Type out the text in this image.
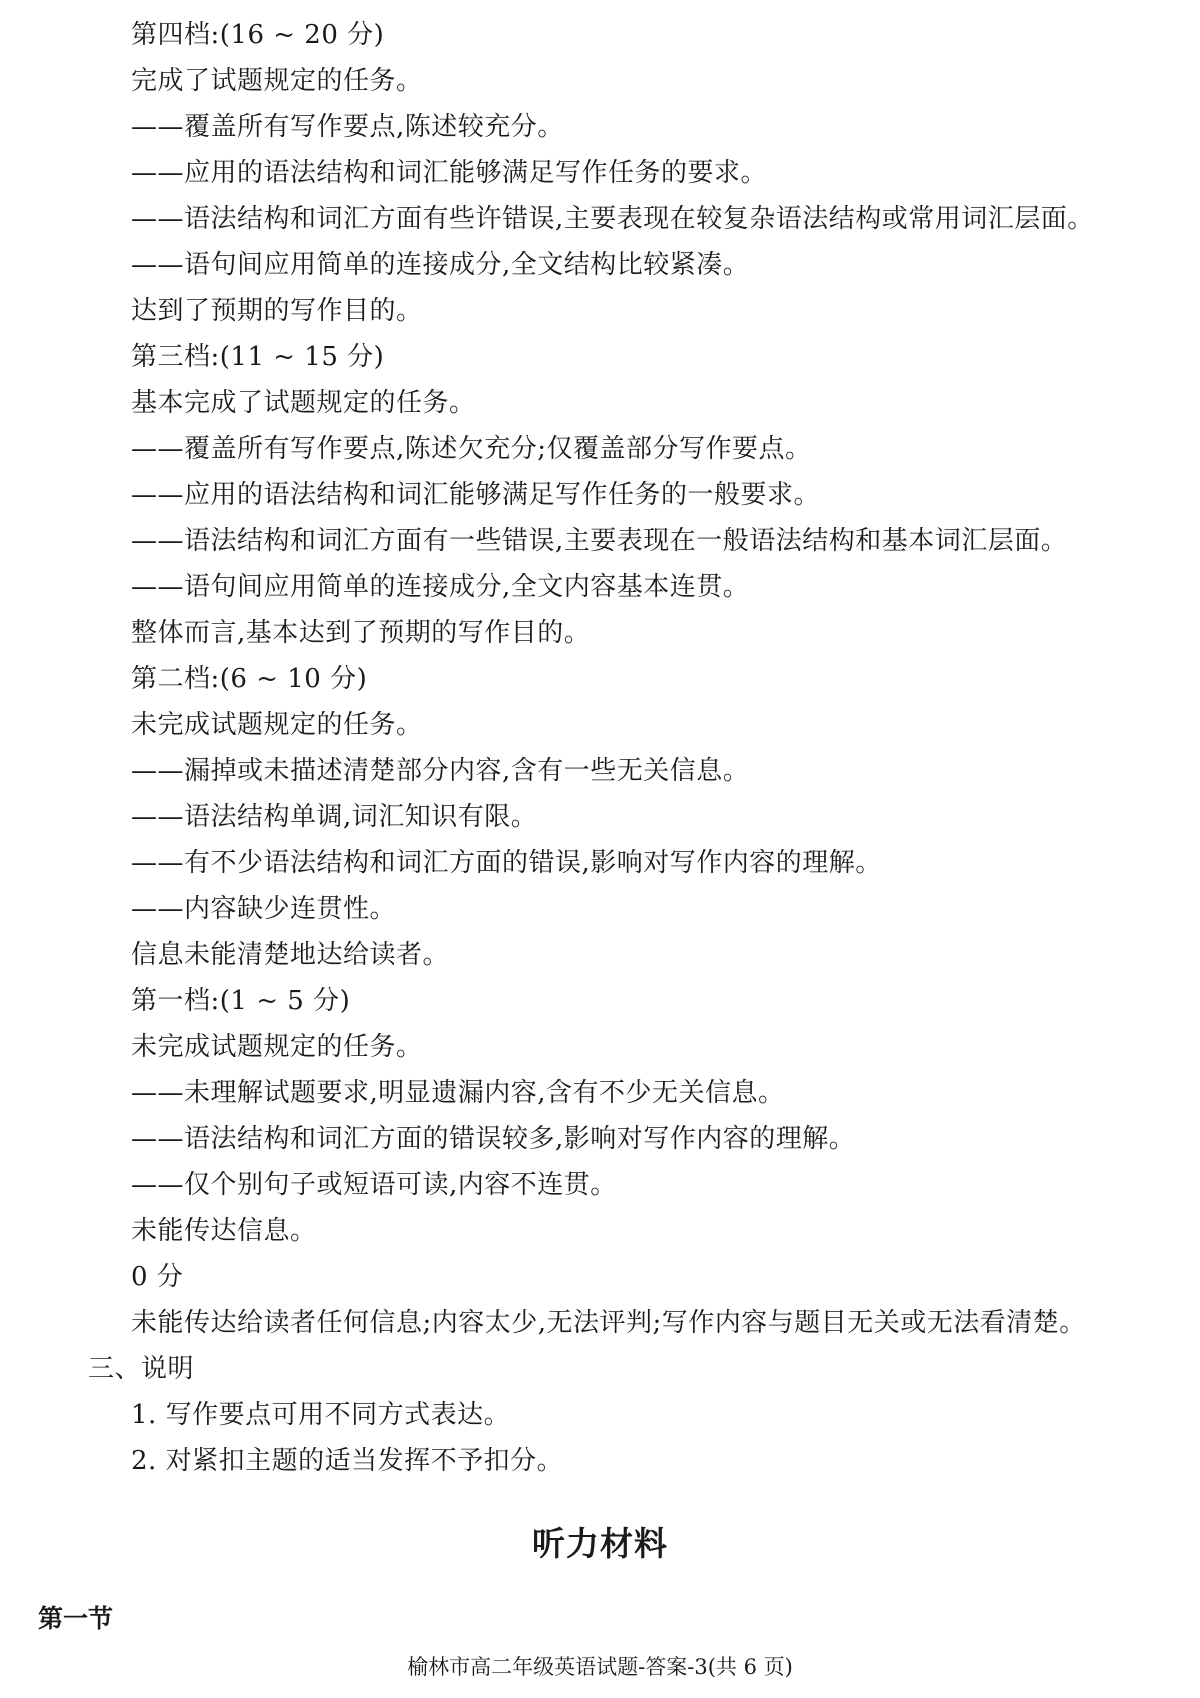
第四档:(16 ~ 20 分)
完成了试题规定的任务。
——覆盖所有写作要点,陈述较充分。
——应用的语法结构和词汇能够满足写作任务的要求。
——语法结构和词汇方面有些许错误,主要表现在较复杂语法结构或常用词汇层面。
——语句间应用简单的连接成分,全文结构比较紧凑。
达到了预期的写作目的。
第三档:(11 ~ 15 分)
基本完成了试题规定的任务。
——覆盖所有写作要点,陈述欠充分;仅覆盖部分写作要点。
——应用的语法结构和词汇能够满足写作任务的一般要求。
——语法结构和词汇方面有一些错误,主要表现在一般语法结构和基本词汇层面。
——语句间应用简单的连接成分,全文内容基本连贯。
整体而言,基本达到了预期的写作目的。
第二档:(6 ~ 10 分)
未完成试题规定的任务。
——漏掉或未描述清楚部分内容,含有一些无关信息。
——语法结构单调,词汇知识有限。
——有不少语法结构和词汇方面的错误,影响对写作内容的理解。
——内容缺少连贯性。
信息未能清楚地达给读者。
第一档:(1 ~ 5 分)
未完成试题规定的任务。
——未理解试题要求,明显遗漏内容,含有不少无关信息。
——语法结构和词汇方面的错误较多,影响对写作内容的理解。
——仅个别句子或短语可读,内容不连贯。
未能传达信息。
0 分
未能传达给读者任何信息;内容太少,无法评判;写作内容与题目无关或无法看清楚。
三、说明
1. 写作要点可用不同方式表达。
2. 对紧扣主题的适当发挥不予扣分。
听力材料
第一节
榆林市高二年级英语试题-答案-3(共 6 页)
